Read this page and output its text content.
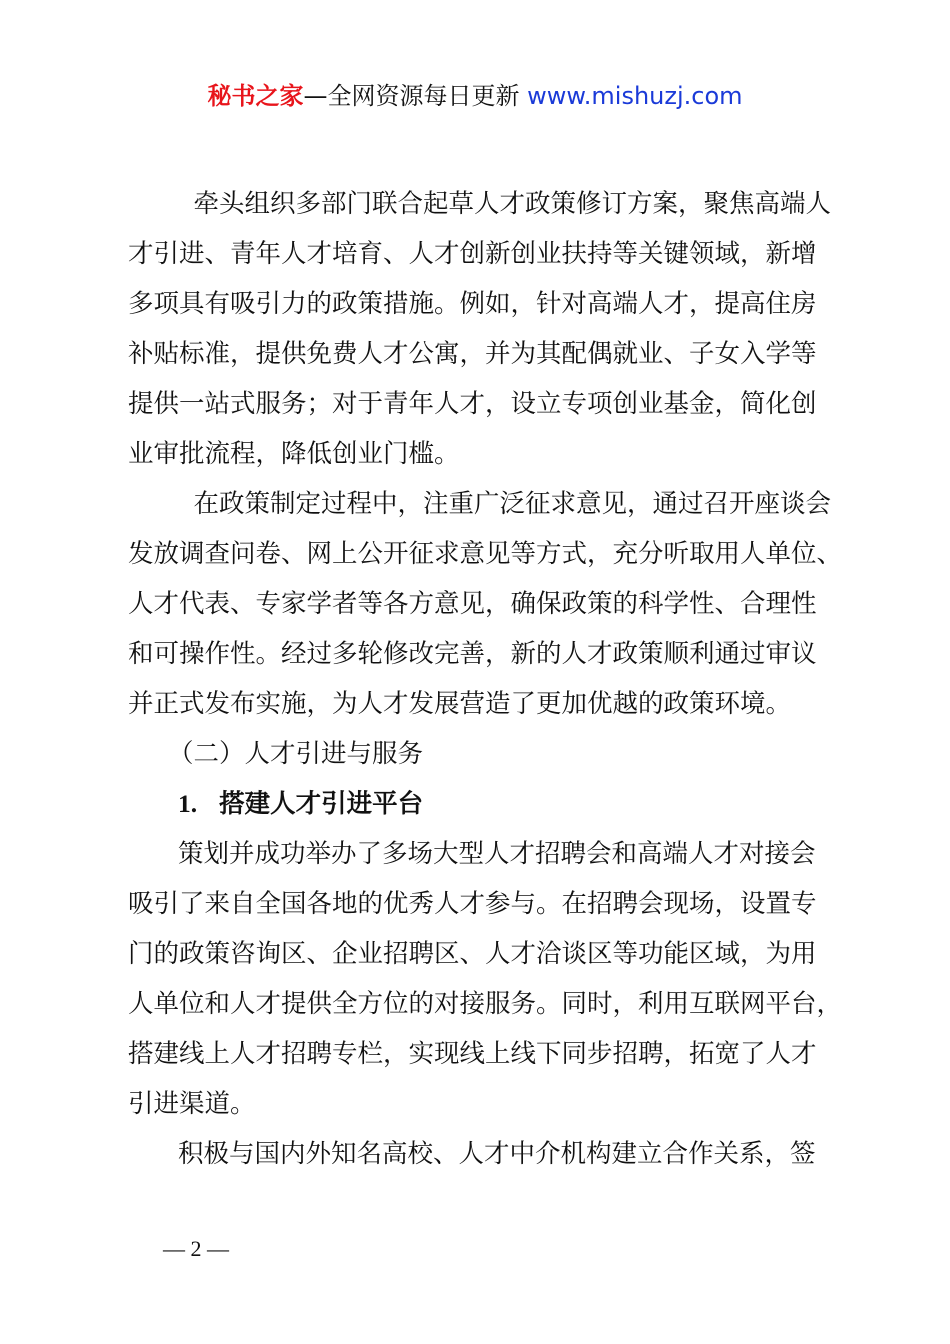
秘书之家—全网资源每日更新 www.mishuzj.com
　牵头组织多部门联合起草人才政策修订方案，聚焦高端人
才引进、青年人才培育、人才创新创业扶持等关键领域，新增
多项具有吸引力的政策措施。例如，针对高端人才，提高住房
补贴标准，提供免费人才公寓，并为其配偶就业、子女入学等
提供一站式服务；对于青年人才，设立专项创业基金，简化创
业审批流程，降低创业门槛。
　在政策制定过程中，注重广泛征求意见，通过召开座谈会
发放调查问卷、网上公开征求意见等方式，充分听取用人单位、
人才代表、专家学者等各方意见，确保政策的科学性、合理性
和可操作性。经过多轮修改完善，新的人才政策顺利通过审议
并正式发布实施，为人才发展营造了更加优越的政策环境。
（二）人才引进与服务
1. 搭建人才引进平台
策划并成功举办了多场大型人才招聘会和高端人才对接会
吸引了来自全国各地的优秀人才参与。在招聘会现场，设置专
门的政策咨询区、企业招聘区、人才洽谈区等功能区域，为用
人单位和人才提供全方位的对接服务。同时，利用互联网平台，
搭建线上人才招聘专栏，实现线上线下同步招聘，拓宽了人才
引进渠道。
积极与国内外知名高校、人才中介机构建立合作关系，签
— 2 —
